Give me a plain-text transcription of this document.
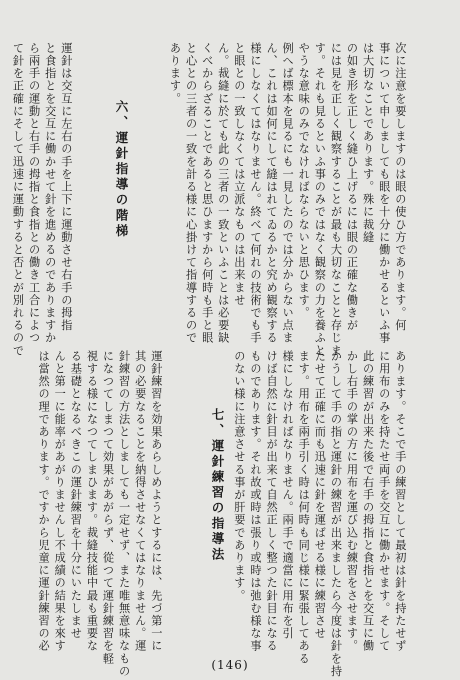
次に注意を要しますのは眼の使ひ方であります。何
事について申しましても眼を十分に働かせるといふ事
は大切なことであります。殊に裁縫
の如き形を正しく縫ひ上げるには眼の正確な働きが
には見を正しく観察することが最も大切なことと存じま
す。それも見るといふ事のみではなく観察の力を養ふと
やうな意味のみでなければならないと思ひます。
例へば標本を見るにも一見したのでは分からない点ま
ん、これは如何にして縫はれてゐるかと究め観察する
様にしなくてはなりません。終べて何れの技術でも手
と眼との一致しなくては立派なものは出来ませ
ん。裁縫に於ても此の三者の一致といふことは必要缺
くべからざることであると思ひますから何時も手と眼
と心との三者の一致を計る様に心掛けて指導するので
あります。

六、運針指導の階梯

運針は交互に左右の手を上下に運動させ右手の拇指
と食指とを交互に働かせて針を進めるのでありますか
ら兩手の運動と右手の拇指と食指との働き工合によつ
て針を正確にそして迅速に運動すると否とが別れるので

あります。そこで手の練習として最初は針を持たせず
に用布のみを持たせ両手を交互に働かせます。そして
此の練習が出来た後で右手の拇指と食指とを交互に働
かし右手の掌の方に用布を運び込む練習をさせます。
かうして手の指と運針の練習が出来ましたら今度は針を持
たせて正確に而も迅速に針を運ばせる様に練習させ
ます。用布を兩手引く時は何時も同じ様に緊張してある
様にしなければなりません。兩手で適當に用布を引
けば自然に針目が出来て自然正しく整つた針目になる
ものであります。それ故或時は張り或時は弛む様な事
のない様に注意させる事が肝要であります。

七、運針練習の指導法

運針練習を効果あらしめようとするには、先づ第一に
其の必要なることを納得させなくてはなりません。運
針練習の方法としましても一定せず、また唯無意味なもの
になつてしまつて効果があがらず、從つて運針練習を軽
視する様になつてしまひます。裁縫技能中最も重要な
る基礎となるべきこの運針練習を十分にいたしませ
んと第一に能率があがりませんし不成績の結果を來す
は當然の理であります。ですから児童に運針練習の必

(146)
